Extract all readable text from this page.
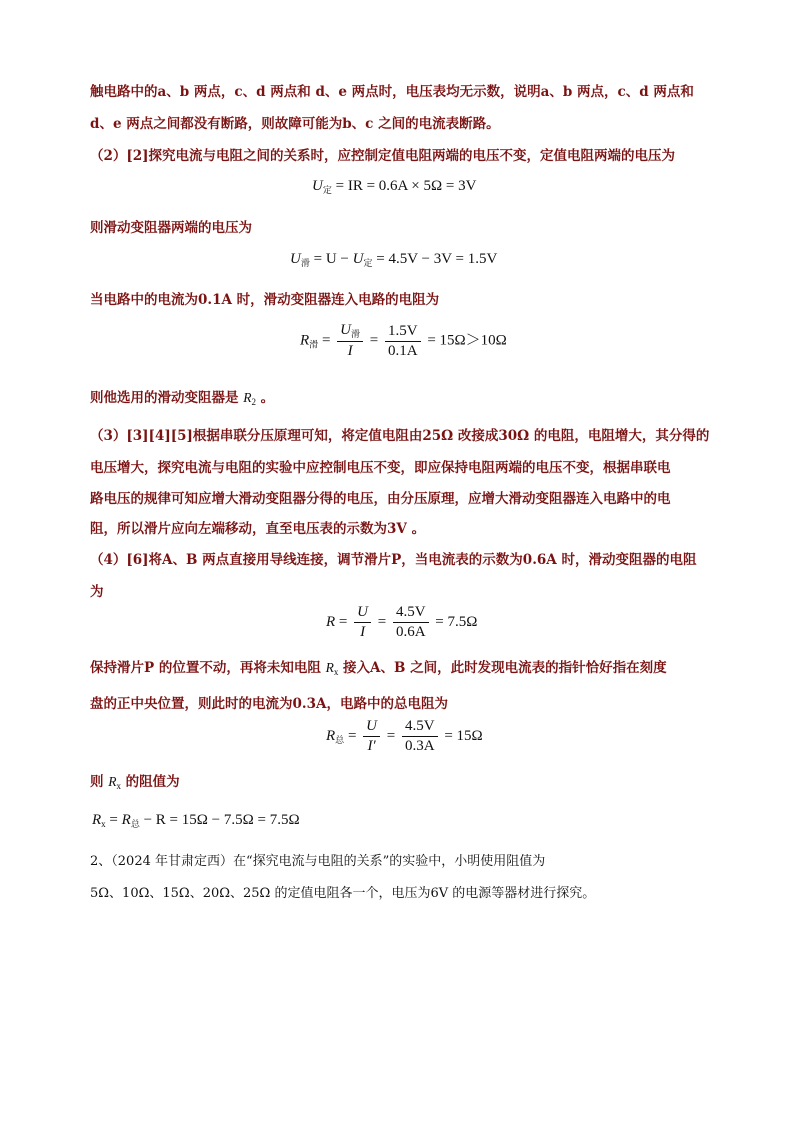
触电路中的a、b 两点，c、d 两点和 d、e 两点时，电压表均无示数，说明a、b 两点，c、d 两点和
d、e 两点之间都没有断路，则故障可能为b、c 之间的电流表断路。
（2）[2]探究电流与电阻之间的关系时，应控制定值电阻两端的电压不变，定值电阻两端的电压为
$U_定$ = IR = 0.6A × 5Ω = 3V
则滑动变阻器两端的电压为
$U_滑 = U - U_定 = 4.5V - 3V = 1.5V$
当电路中的电流为0.1A 时，滑动变阻器连入电路的电阻为
$R_滑 = \frac{U_滑}{I} = \frac{1.5V}{0.1A} = 15\Omega>10\Omega$
则他选用的滑动变阻器是 $R_2$ 。
（3）[3][4][5]根据串联分压原理可知，将定值电阻由25Ω 改接成30Ω 的电阻，电阻增大，其分得的
电压增大，探究电流与电阻的实验中应控制电压不变，即应保持电阻两端的电压不变，根据串联电
路电压的规律可知应增大滑动变阻器分得的电压，由分压原理，应增大滑动变阻器连入电路中的电
阻，所以滑片应向左端移动，直至电压表的示数为3V 。
（4）[6]将A、B 两点直接用导线连接，调节滑片P，当电流表的示数为0.6A 时，滑动变阻器的电阻
为
$R = \frac{U}{I} = \frac{4.5V}{0.6A} = 7.5\Omega$
保持滑片P 的位置不动，再将未知电阻 $R_x$ 接入A、B 之间，此时发现电流表的指针恰好指在刻度
盘的正中央位置，则此时的电流为0.3A，电路中的总电阻为
$R_总 = \frac{U}{I'} = \frac{4.5V}{0.3A} = 15\Omega$
则 $R_x$ 的阻值为
$R_x = R_总 - R = 15\Omega - 7.5\Omega = 7.5\Omega$
2、（2024 年甘肃定西）在“探究电流与电阻的关系”的实验中，小明使用阻值为
5Ω、10Ω、15Ω、20Ω、25Ω 的定值电阻各一个，电压为6V 的电源等器材进行探究。
